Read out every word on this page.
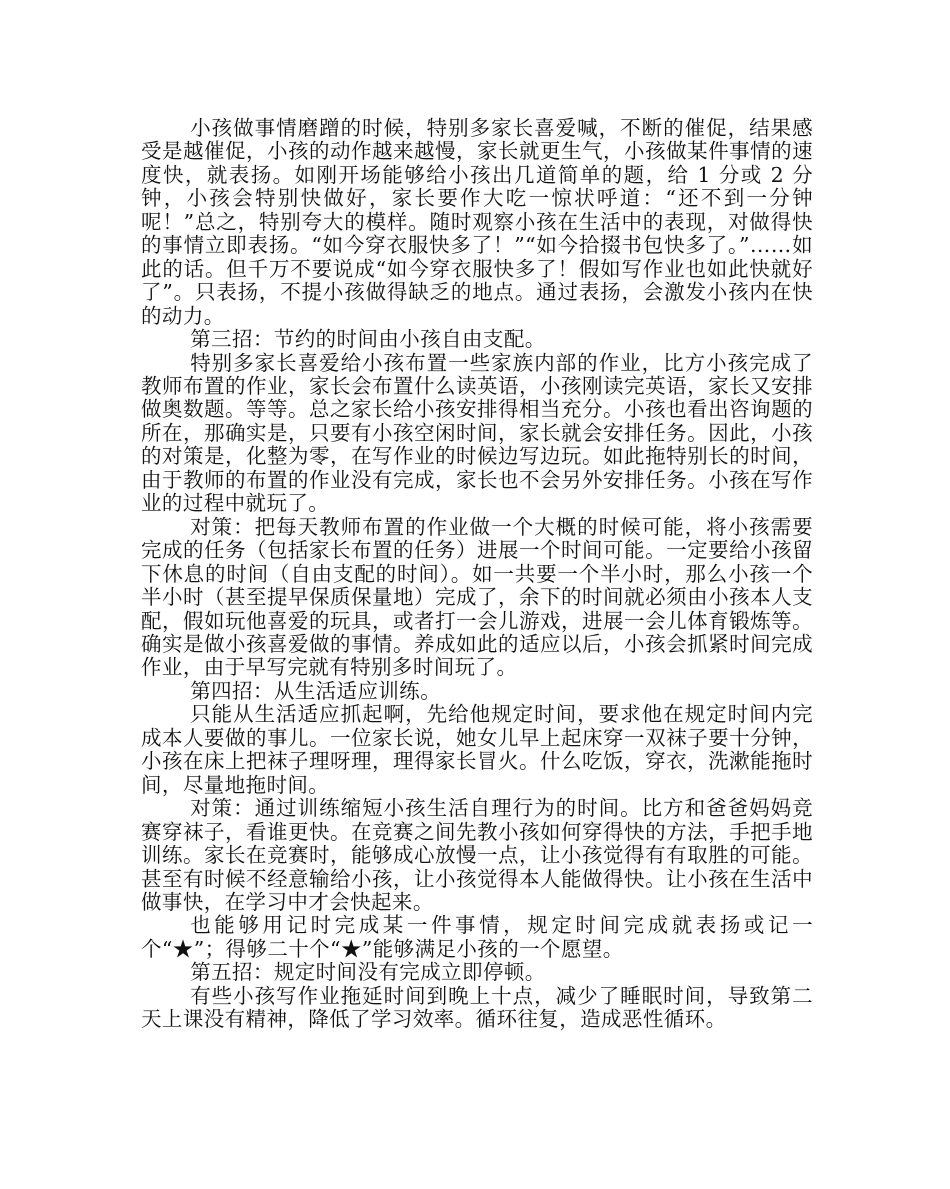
小孩做事情磨蹭的时候，特别多家长喜爱喊，不断的催促，结果感受是越催促，小孩的动作越来越慢，家长就更生气，小孩做某件事情的速度快，就表扬。如刚开场能够给小孩出几道简单的题，给 1 分或 2 分钟，小孩会特别快做好，家长要作大吃一惊状呼道：“还不到一分钟呢！”总之，特别夸大的模样。随时观察小孩在生活中的表现，对做得快的事情立即表扬。“如今穿衣服快多了！”“如今拾掇书包快多了。”……如此的话。但千万不要说成“如今穿衣服快多了！假如写作业也如此快就好了”。只表扬，不提小孩做得缺乏的地点。通过表扬，会激发小孩内在快的动力。

第三招：节约的时间由小孩自由支配。

特别多家长喜爱给小孩布置一些家族内部的作业，比方小孩完成了教师布置的作业，家长会布置什么读英语，小孩刚读完英语，家长又安排做奥数题。等等。总之家长给小孩安排得相当充分。小孩也看出咨询题的所在，那确实是，只要有小孩空闲时间，家长就会安排任务。因此，小孩的对策是，化整为零，在写作业的时候边写边玩。如此拖特别长的时间，由于教师的布置的作业没有完成，家长也不会另外安排任务。小孩在写作业的过程中就玩了。

对策：把每天教师布置的作业做一个大概的时候可能，将小孩需要完成的任务（包括家长布置的任务）进展一个时间可能。一定要给小孩留下休息的时间（自由支配的时间）。如一共要一个半小时，那么小孩一个半小时（甚至提早保质保量地）完成了，余下的时间就必须由小孩本人支配，假如玩他喜爱的玩具，或者打一会儿游戏，进展一会儿体育锻炼等。确实是做小孩喜爱做的事情。养成如此的适应以后，小孩会抓紧时间完成作业，由于早写完就有特别多时间玩了。

第四招：从生活适应训练。

只能从生活适应抓起啊，先给他规定时间，要求他在规定时间内完成本人要做的事儿。一位家长说，她女儿早上起床穿一双袜子要十分钟，小孩在床上把袜子理呀理，理得家长冒火。什么吃饭，穿衣，洗漱能拖时间，尽量地拖时间。

对策：通过训练缩短小孩生活自理行为的时间。比方和爸爸妈妈竞赛穿袜子，看谁更快。在竞赛之间先教小孩如何穿得快的方法，手把手地训练。家长在竞赛时，能够成心放慢一点，让小孩觉得有有取胜的可能。甚至有时候不经意输给小孩，让小孩觉得本人能做得快。让小孩在生活中做事快，在学习中才会快起来。

也能够用记时完成某一件事情，规定时间完成就表扬或记一个“★”；得够二十个“★”能够满足小孩的一个愿望。

第五招：规定时间没有完成立即停顿。

有些小孩写作业拖延时间到晚上十点，减少了睡眠时间，导致第二天上课没有精神，降低了学习效率。循环往复，造成恶性循环。
